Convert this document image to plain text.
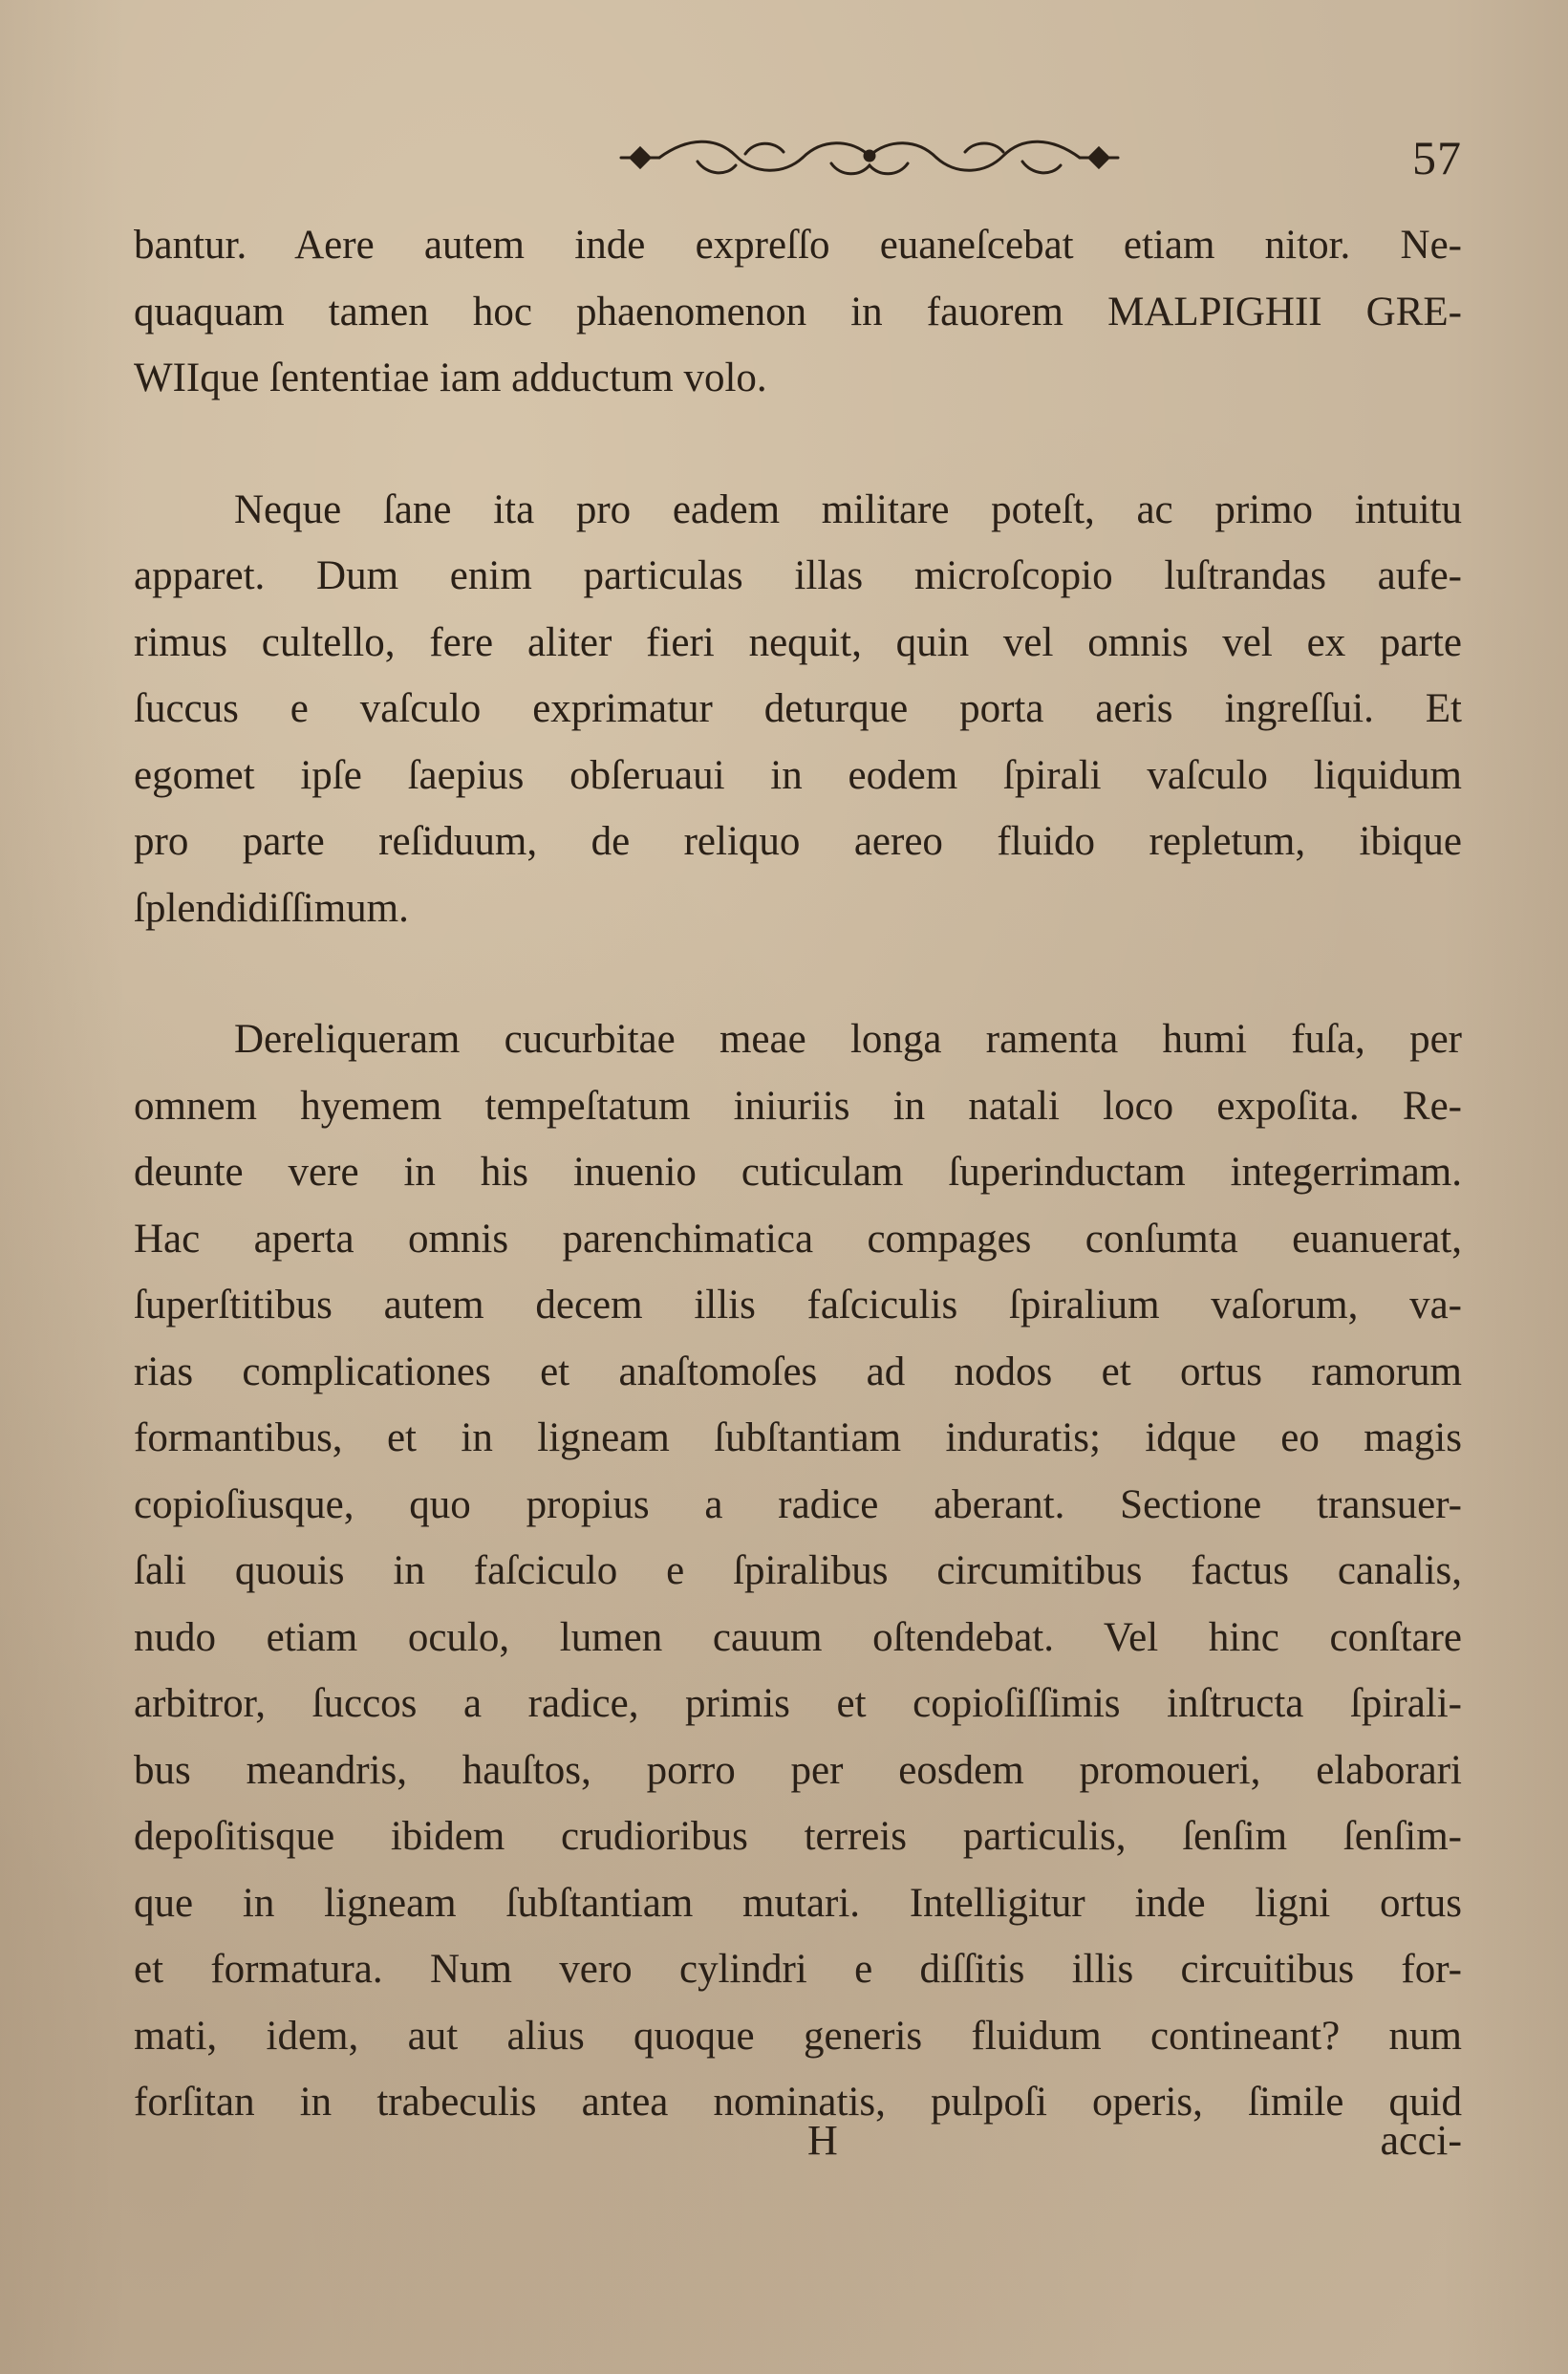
57
bantur. Aere autem inde expreſſo euaneſcebat etiam nitor. Ne-
quaquam tamen hoc phaenomenon in fauorem MALPIGHII GRE-
WIIque ſententiae iam adductum volo.
Neque ſane ita pro eadem militare poteſt, ac primo intuitu
apparet. Dum enim particulas illas microſcopio luſtrandas aufe-
rimus cultello, fere aliter fieri nequit, quin vel omnis vel ex parte
ſuccus e vaſculo exprimatur deturque porta aeris ingreſſui. Et
egomet ipſe ſaepius obſeruaui in eodem ſpirali vaſculo liquidum
pro parte reſiduum, de reliquo aereo fluido repletum, ibique
ſplendidiſſimum.
Dereliqueram cucurbitae meae longa ramenta humi fuſa, per
omnem hyemem tempeſtatum iniuriis in natali loco expoſita. Re-
deunte vere in his inuenio cuticulam ſuperinductam integerrimam.
Hac aperta omnis parenchimatica compages conſumta euanuerat,
ſuperſtitibus autem decem illis faſciculis ſpiralium vaſorum, va-
rias complicationes et anaſtomoſes ad nodos et ortus ramorum
formantibus, et in ligneam ſubſtantiam induratis; idque eo magis
copioſiusque, quo propius a radice aberant. Sectione transuer-
ſali quouis in faſciculo e ſpiralibus circumitibus factus canalis,
nudo etiam oculo, lumen cauum oſtendebat. Vel hinc conſtare
arbitror, ſuccos a radice, primis et copioſiſſimis inſtructa ſpirali-
bus meandris, hauſtos, porro per eosdem promoueri, elaborari
depoſitisque ibidem crudioribus terreis particulis, ſenſim ſenſim-
que in ligneam ſubſtantiam mutari. Intelligitur inde ligni ortus
et formatura. Num vero cylindri e diſſitis illis circuitibus for-
mati, idem, aut alius quoque generis fluidum contineant? num
forſitan in trabeculis antea nominatis, pulpoſi operis, ſimile quid
H	acci-
